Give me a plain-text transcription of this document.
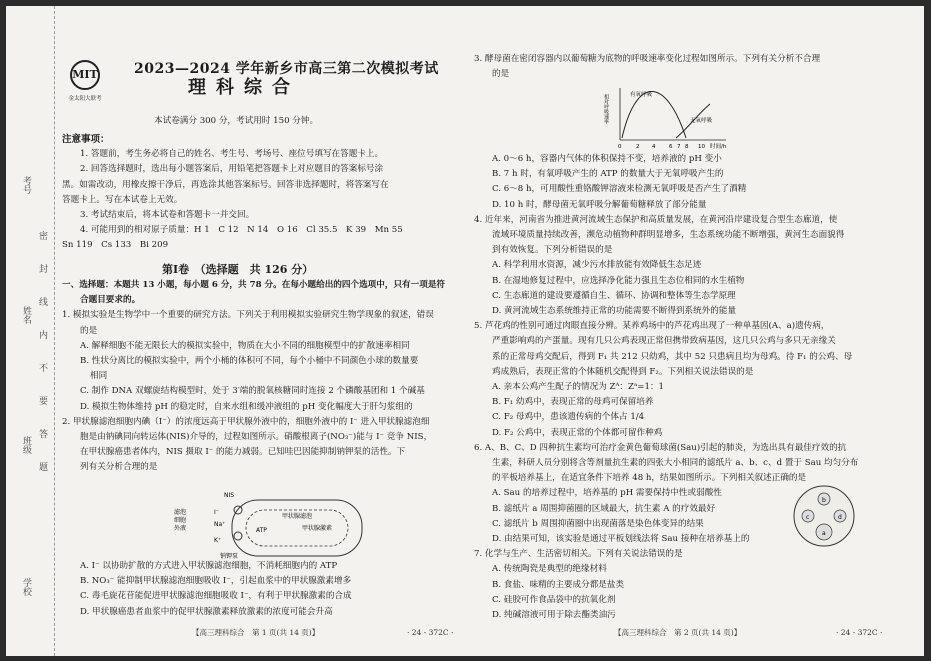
考号
姓名
班级
学校
密
封
线
内
不
要
答
题
MIT
金太阳大联考
2023—2024 学年新乡市高三第二次模拟考试
理科综合
本试卷满分 300 分，考试用时 150 分钟。

注意事项：

1. 答题前，考生务必将自己的姓名、考生号、考场号、座位号填写在答题卡上。

2. 回答选择题时，选出每小题答案后，用铅笔把答题卡上对应题目的答案标号涂

黑。如需改动，用橡皮擦干净后，再选涂其他答案标号。回答非选择题时，将答案写在

答题卡上。写在本试卷上无效。

3. 考试结束后，将本试卷和答题卡一并交回。

4. 可能用到的相对原子质量：H 1　C 12　N 14　O 16　Cl 35.5　K 39　Mn 55

Sn 119　Cs 133　Bi 209

第Ⅰ卷　（选择题　共 126 分）

一、选择题：本题共 13 小题，每小题 6 分，共 78 分。在每小题给出的四个选项中，只有一项是符

合题目要求的。

1. 模拟实验是生物学中一个重要的研究方法。下列关于利用模拟实验研究生物学现象的叙述，错误

的是

A. 解释细胞不能无限长大的模拟实验中，物质在大小不同的细胞模型中的扩散速率相同

B. 性状分离比的模拟实验中，两个小桶的体积可不同，每个小桶中不同颜色小球的数量要

相同

C. 制作 DNA 双螺旋结构模型时，处于 3′端的脱氧核糖同时连接 2 个磷酸基团和 1 个碱基

D. 模拟生物体维持 pH 的稳定时，自来水组和缓冲液组的 pH 变化幅度大于肝匀浆组的

2. 甲状腺滤泡细胞内碘（I⁻）的浓度远高于甲状腺外液中的，细胞外液中的 I⁻ 进入甲状腺滤泡细

胞是由钠碘同向转运体(NIS)介导的，过程如图所示。硝酸根离子(NO₃⁻)能与 I⁻ 竞争 NIS，

在甲状腺癌患者体内，NIS 摄取 I⁻ 的能力减弱。已知哇巴因能抑制钠钾泵的活性。下

列有关分析合理的是

NIS
I⁻
Na⁺
K⁺
ATP
滤泡
细胞
外液
钠钾泵
甲状腺激素
甲状腺滤泡

A. I⁻ 以协助扩散的方式进入甲状腺滤泡细胞，不消耗细胞内的 ATP

B. NO₃⁻ 能抑制甲状腺滤泡细胞吸收 I⁻，引起血浆中的甲状腺激素增多

C. 毒毛旋花苷能促进甲状腺滤泡细胞吸收 I⁻，有利于甲状腺激素的合成

D. 甲状腺癌患者血浆中的促甲状腺激素释放激素的浓度可能会升高

【高三理科综合　第 1 页(共 14 页)】	· 24 - 372C ·

3. 酵母菌在密闭容器内以葡萄糖为底物的呼吸速率变化过程如图所示。下列有关分析不合理

的是

相对呼吸速率
时间/h
有氧呼吸
无氧呼吸
0	2 4 6 7 8 10

A. 0～6 h，容器内气体的体积保持不变，培养液的 pH 变小

B. 7 h 时，有氧呼吸产生的 ATP 的数量大于无氧呼吸产生的

C. 6～8 h，可用酸性重铬酸钾溶液来检测无氧呼吸是否产生了酒精

D. 10 h 时，酵母菌无氧呼吸分解葡萄糖释放了部分能量

4. 近年来，河南省为推进黄河流域生态保护和高质量发展，在黄河沿岸建设复合型生态廊道，使

流域环境质量持续改善，濒危动植物种群明显增多，生态系统功能不断增强，黄河生态面貌得

到有效恢复。下列分析错误的是

A. 科学利用水资源，减少污水排放能有效降低生态足迹

B. 在湿地修复过程中，应选择净化能力强且生态位相同的水生植物

C. 生态廊道的建设要遵循自生、循环、协调和整体等生态学原理

D. 黄河流域生态系统维持正常的功能需要不断得到系统外的能量

5. 芦花鸡的性别可通过肉眼直接分辨。某养鸡场中的芦花鸡出现了一种单基因(A、a)遗传病，

严重影响鸡的产蛋量。现有几只公鸡表现正常但携带致病基因，这几只公鸡与多只无亲缘关

系的正常母鸡交配后，得到 F₁ 共 212 只幼鸡，其中 52 只患病且均为母鸡。待 F₁ 的公鸡、母

鸡成熟后，表现正常的个体随机交配得到 F₂。下列相关说法错误的是

A. 亲本公鸡产生配子的情况为 Zᴬ：Zᵃ=1：1

B. F₁ 幼鸡中，表现正常的母鸡可保留培养

C. F₂ 母鸡中，患该遗传病的个体占 1/4

D. F₂ 公鸡中，表现正常的个体都可留作种鸡

6. A、B、C、D 四种抗生素均可治疗金黄色葡萄球菌(Sau)引起的肺炎，为选出具有最佳疗效的抗

生素，科研人员分别将含等剂量抗生素的四张大小相同的滤纸片 a、b、c、d 置于 Sau 均匀分布

的平板培养基上，在适宜条件下培养 48 h，结果如图所示。下列相关叙述正确的是

A. Sau 的培养过程中，培养基的 pH 需要保持中性或弱酸性

B. 滤纸片 a 周围抑菌圈的区域最大，抗生素 A 的疗效最好

C. 滤纸片 b 周围抑菌圈中出现菌落是染色体变异的结果

D. 由结果可知，该实验是通过平板划线法将 Sau 接种在培养基上的

7. 化学与生产、生活密切相关。下列有关说法错误的是

A. 传统陶瓷是典型的绝缘材料

B. 食盐、味精的主要成分都是盐类

C. 硅胶可作食品袋中的抗氧化剂

D. 纯碱溶液可用于除去酯类油污

b
c	d
a
【高三理科综合　第 2 页(共 14 页)】	· 24 - 372C ·
